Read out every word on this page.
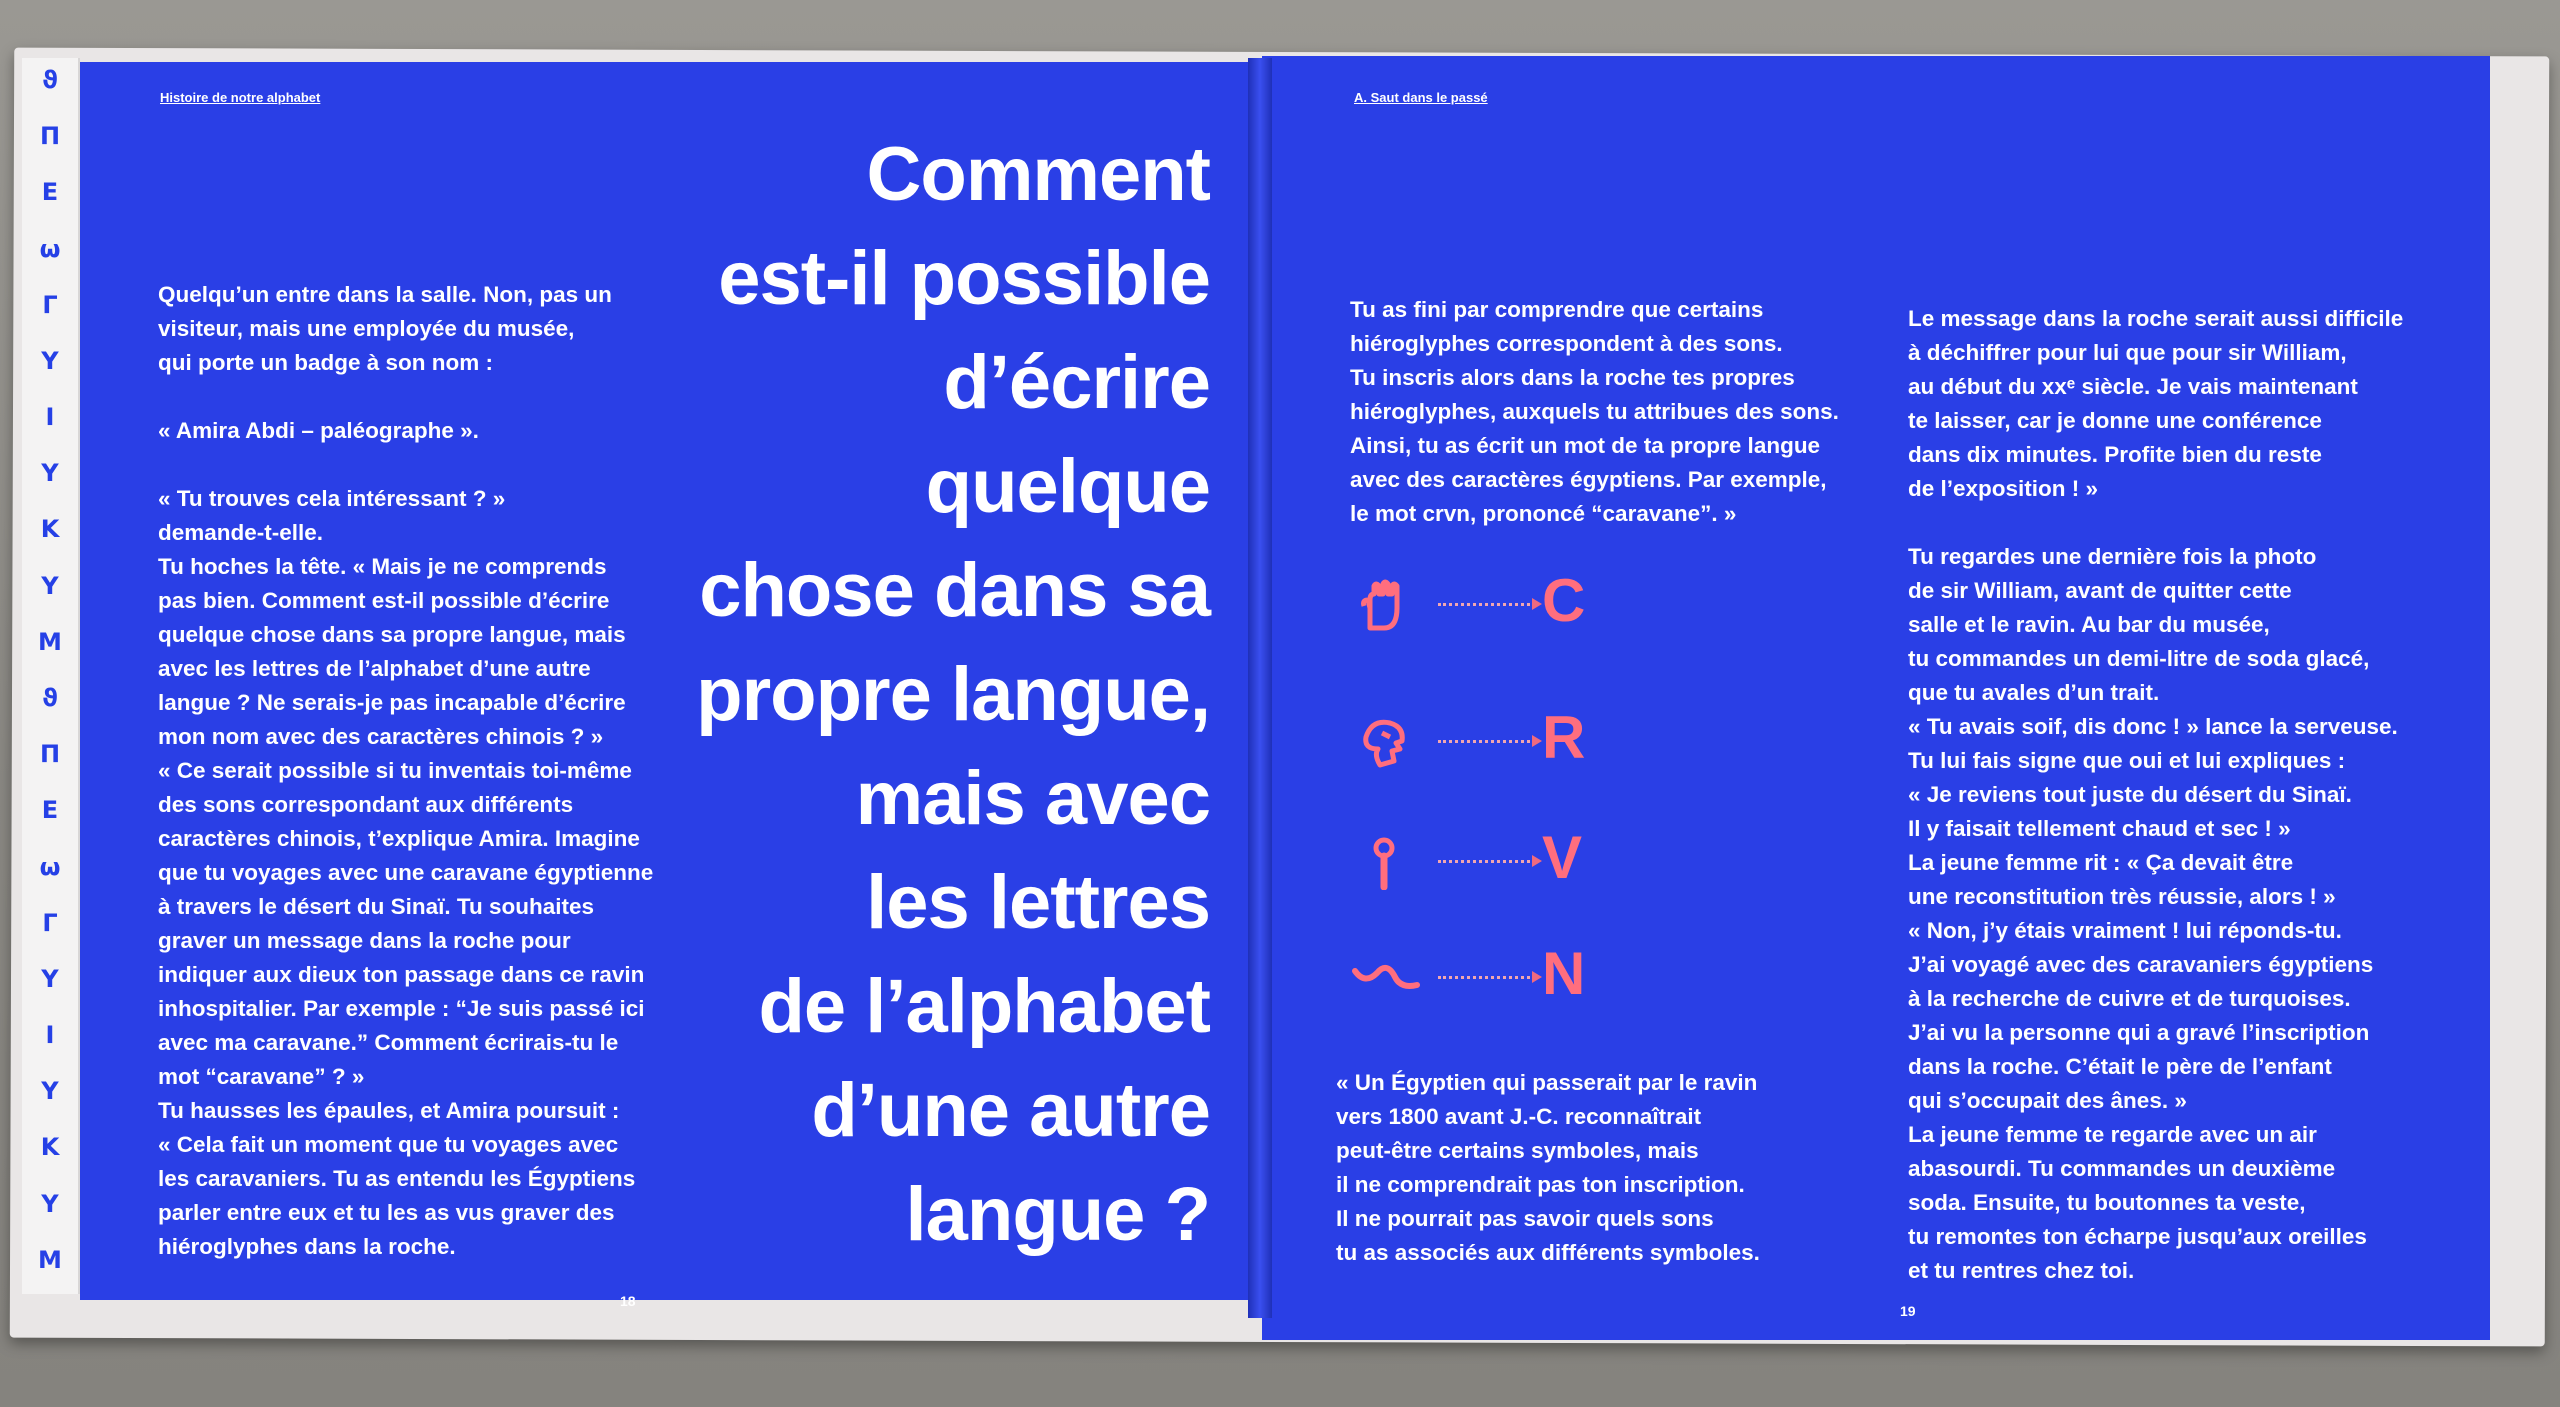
ϑ
Π
Ε
ω
Γ
Υ
Ι
Υ
Κ
Υ
Μ
ϑ
Π
Ε
ω
Γ
Υ
Ι
Υ
Κ
Υ
Μ
Histoire de notre alphabet
Quelqu’un entre dans la salle. Non, pas un
visiteur, mais une employée du musée,
qui porte un badge à son nom :

« Amira Abdi – paléographe ».

« Tu trouves cela intéressant ? »
demande-t-elle.
Tu hoches la tête. « Mais je ne comprends
pas bien. Comment est-il possible d’écrire
quelque chose dans sa propre langue, mais
avec les lettres de l’alphabet d’une autre
langue ? Ne serais-je pas incapable d’écrire
mon nom avec des caractères chinois ? »
« Ce serait possible si tu inventais toi-même
des sons correspondant aux différents
caractères chinois, t’explique Amira. Imagine
que tu voyages avec une caravane égyptienne
à travers le désert du Sinaï. Tu souhaites
graver un message dans la roche pour
indiquer aux dieux ton passage dans ce ravin
inhospitalier. Par exemple : “Je suis passé ici
avec ma caravane.” Comment écrirais-tu le
mot “caravane” ? »
Tu hausses les épaules, et Amira poursuit :
« Cela fait un moment que tu voyages avec
les caravaniers. Tu as entendu les Égyptiens
parler entre eux et tu les as vus graver des
hiéroglyphes dans la roche.
Comment
est-il possible
d’écrire
quelque
chose dans sa
propre langue,
mais avec
les lettres
de l’alphabet
d’une autre
langue ?
18
A. Saut dans le passé
Tu as fini par comprendre que certains
hiéroglyphes correspondent à des sons.
Tu inscris alors dans la roche tes propres
hiéroglyphes, auxquels tu attribues des sons.
Ainsi, tu as écrit un mot de ta propre langue
avec des caractères égyptiens. Par exemple,
le mot crvn, prononcé “caravane”. »
C
R
V
N
« Un Égyptien qui passerait par le ravin
vers 1800 avant J.-C. reconnaîtrait
peut-être certains symboles, mais
il ne comprendrait pas ton inscription.
Il ne pourrait pas savoir quels sons
tu as associés aux différents symboles.
Le message dans la roche serait aussi difficile
à déchiffrer pour lui que pour sir William,
au début du xxᵉ siècle. Je vais maintenant
te laisser, car je donne une conférence
dans dix minutes. Profite bien du reste
de l’exposition ! »

Tu regardes une dernière fois la photo
de sir William, avant de quitter cette
salle et le ravin. Au bar du musée,
tu commandes un demi-litre de soda glacé,
que tu avales d’un trait.
« Tu avais soif, dis donc ! » lance la serveuse.
Tu lui fais signe que oui et lui expliques :
« Je reviens tout juste du désert du Sinaï.
Il y faisait tellement chaud et sec ! »
La jeune femme rit : « Ça devait être
une reconstitution très réussie, alors ! »
« Non, j’y étais vraiment ! lui réponds-tu.
J’ai voyagé avec des caravaniers égyptiens
à la recherche de cuivre et de turquoises.
J’ai vu la personne qui a gravé l’inscription
dans la roche. C’était le père de l’enfant
qui s’occupait des ânes. »
La jeune femme te regarde avec un air
abasourdi. Tu commandes un deuxième
soda. Ensuite, tu boutonnes ta veste,
tu remontes ton écharpe jusqu’aux oreilles
et tu rentres chez toi.
19
